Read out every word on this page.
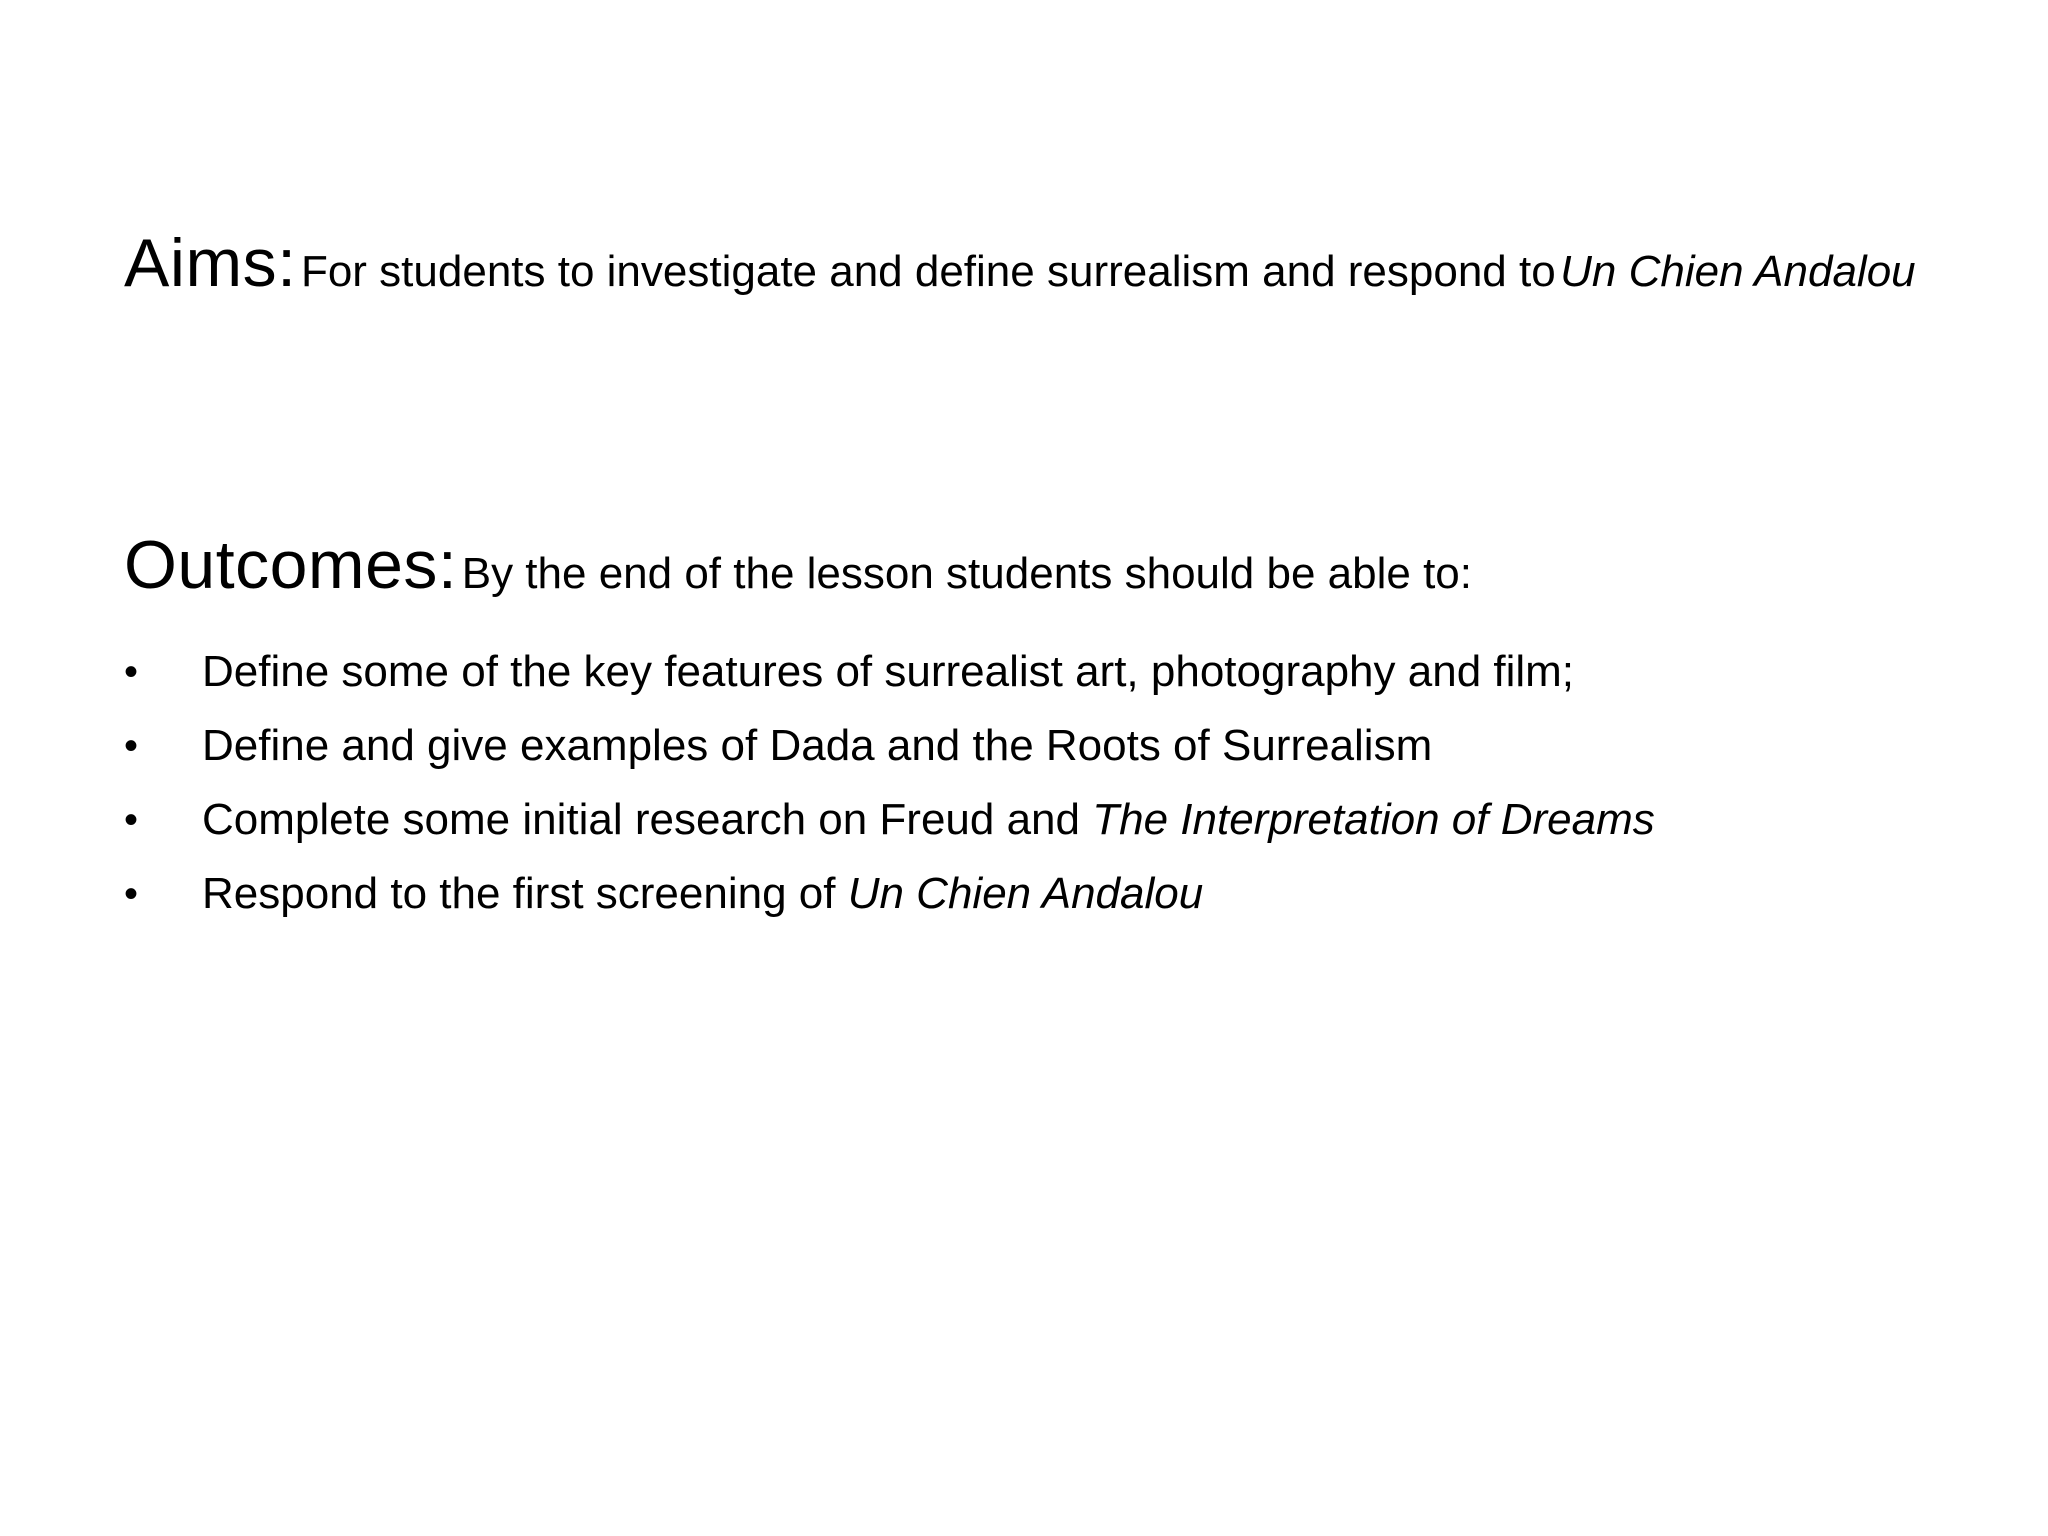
Aims: For students to investigate and define surrealism and respond to Un Chien Andalou
Outcomes: By the end of the lesson students should be able to:
• Define some of the key features of surrealist art, photography and film;
• Define and give examples of Dada and the Roots of Surrealism
• Complete some initial research on Freud and The Interpretation of Dreams
• Respond to the first screening of Un Chien Andalou
